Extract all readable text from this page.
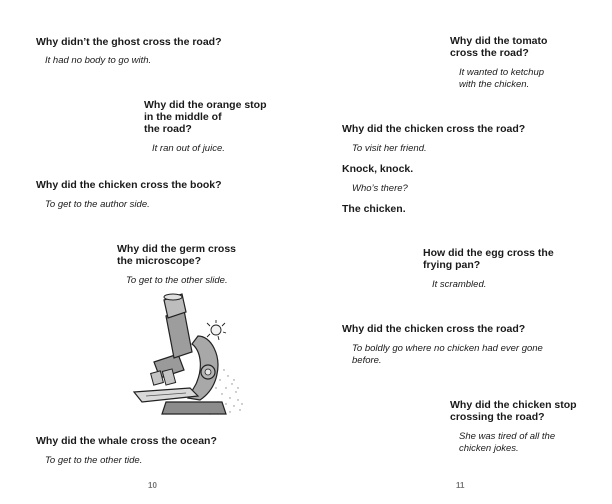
Why didn’t the ghost cross the road?
It had no body to go with.
Why did the orange stop
in the middle of
the road?
It ran out of juice.
Why did the chicken cross the book?
To get to the author side.
Why did the germ cross
the microscope?
To get to the other slide.
Why did the whale cross the ocean?
To get to the other tide.
10
Why did the tomato
cross the road?
It wanted to ketchup
with the chicken.
Why did the chicken cross the road?
To visit her friend.
Knock, knock.
Who’s there?
The chicken.
How did the egg cross the
frying pan?
It scrambled.
Why did the chicken cross the road?
To boldly go where no chicken had ever gone
before.
Why did the chicken stop
crossing the road?
She was tired of all the
chicken jokes.
11
